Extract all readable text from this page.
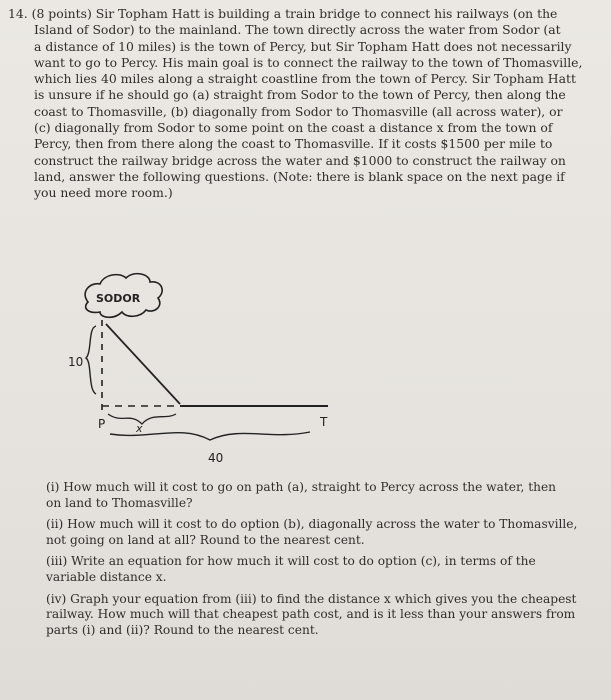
14. (8 points) Sir Topham Hatt is building a train bridge to connect his railways (on the
Island of Sodor) to the mainland. The town directly across the water from Sodor (at
a distance of 10 miles) is the town of Percy, but Sir Topham Hatt does not necessarily
want to go to Percy. His main goal is to connect the railway to the town of Thomasville,
which lies 40 miles along a straight coastline from the town of Percy. Sir Topham Hatt
is unsure if he should go (a) straight from Sodor to the town of Percy, then along the
coast to Thomasville, (b) diagonally from Sodor to Thomasville (all across water), or
(c) diagonally from Sodor to some point on the coast a distance x from the town of
Percy, then from there along the coast to Thomasville. If it costs $1500 per mile to
construct the railway bridge across the water and $1000 to construct the railway on
land, answer the following questions. (Note: there is blank space on the next page if
you need more room.)
SODOR
10
P	x	T
40
(i) How much will it cost to go on path (a), straight to Percy across the water, then
on land to Thomasville?
(ii) How much will it cost to do option (b), diagonally across the water to Thomasville,
not going on land at all? Round to the nearest cent.
(iii) Write an equation for how much it will cost to do option (c), in terms of the
variable distance x.
(iv) Graph your equation from (iii) to find the distance x which gives you the cheapest
railway. How much will that cheapest path cost, and is it less than your answers from
parts (i) and (ii)? Round to the nearest cent.
